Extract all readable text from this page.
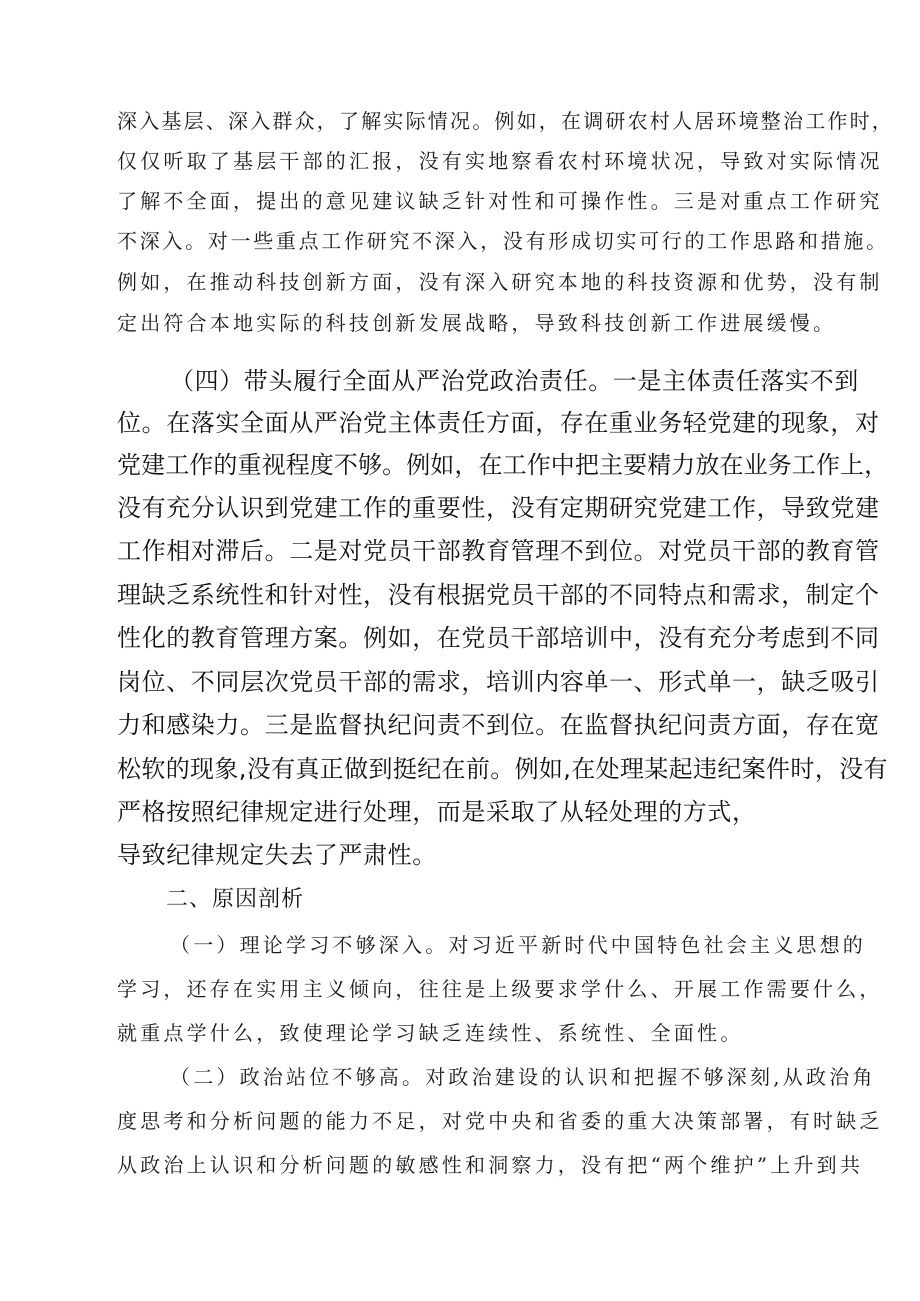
深入基层、深入群众，了解实际情况。例如，在调研农村人居环境整治工作时，
仅仅听取了基层干部的汇报，没有实地察看农村环境状况，导致对实际情况
了解不全面，提出的意见建议缺乏针对性和可操作性。三是对重点工作研究
不深入。对一些重点工作研究不深入，没有形成切实可行的工作思路和措施。
例如，在推动科技创新方面，没有深入研究本地的科技资源和优势，没有制
定出符合本地实际的科技创新发展战略，导致科技创新工作进展缓慢。
（四）带头履行全面从严治党政治责任。一是主体责任落实不到
位。在落实全面从严治党主体责任方面，存在重业务轻党建的现象，对
党建工作的重视程度不够。例如，在工作中把主要精力放在业务工作上，
没有充分认识到党建工作的重要性，没有定期研究党建工作，导致党建
工作相对滞后。二是对党员干部教育管理不到位。对党员干部的教育管
理缺乏系统性和针对性，没有根据党员干部的不同特点和需求，制定个
性化的教育管理方案。例如，在党员干部培训中，没有充分考虑到不同
岗位、不同层次党员干部的需求，培训内容单一、形式单一，缺乏吸引
力和感染力。三是监督执纪问责不到位。在监督执纪问责方面，存在宽
松软的现象,没有真正做到挺纪在前。例如,在处理某起违纪案件时，没有
严格按照纪律规定进行处理，而是采取了从轻处理的方式，
导致纪律规定失去了严肃性。
二、原因剖析
（一）理论学习不够深入。对习近平新时代中国特色社会主义思想的
学习，还存在实用主义倾向，往往是上级要求学什么、开展工作需要什么，
就重点学什么，致使理论学习缺乏连续性、系统性、全面性。
（二）政治站位不够高。对政治建设的认识和把握不够深刻,从政治角
度思考和分析问题的能力不足，对党中央和省委的重大决策部署，有时缺乏
从政治上认识和分析问题的敏感性和洞察力，没有把“两个维护”上升到共
